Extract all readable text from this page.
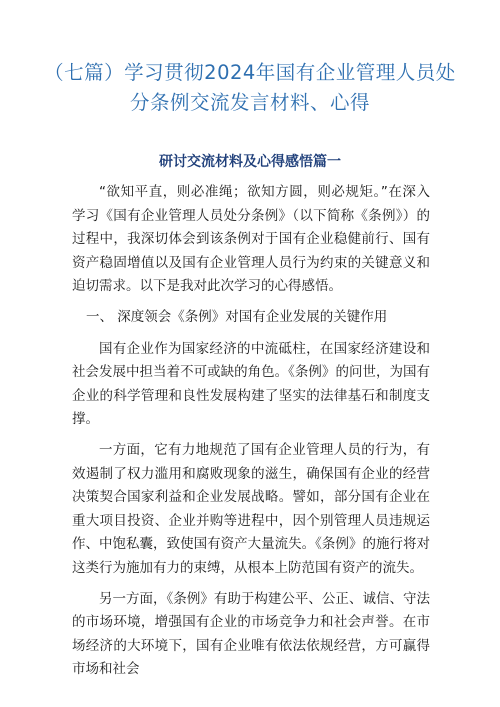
（七篇）学习贯彻2024年国有企业管理人员处分条例交流发言材料、心得
研讨交流材料及心得感悟篇一

“欲知平直，则必准绳；欲知方圆，则必规矩。”在深入学习《国有企业管理人员处分条例》（以下简称《条例》）的过程中，我深切体会到该条例对于国有企业稳健前行、国有资产稳固增值以及国有企业管理人员行为约束的关键意义和迫切需求。以下是我对此次学习的心得感悟。

一、 深度领会《条例》对国有企业发展的关键作用

国有企业作为国家经济的中流砥柱，在国家经济建设和社会发展中担当着不可或缺的角色。《条例》的问世，为国有企业的科学管理和良性发展构建了坚实的法律基石和制度支撑。

一方面，它有力地规范了国有企业管理人员的行为，有效遏制了权力滥用和腐败现象的滋生，确保国有企业的经营决策契合国家利益和企业发展战略。譬如，部分国有企业在重大项目投资、企业并购等进程中，因个别管理人员违规运作、中饱私囊，致使国有资产大量流失。《条例》的施行将对这类行为施加有力的束缚，从根本上防范国有资产的流失。

另一方面，《条例》有助于构建公平、公正、诚信、守法的市场环境，增强国有企业的市场竞争力和社会声誉。在市场经济的大环境下，国有企业唯有依法依规经营，方可赢得市场和社会
